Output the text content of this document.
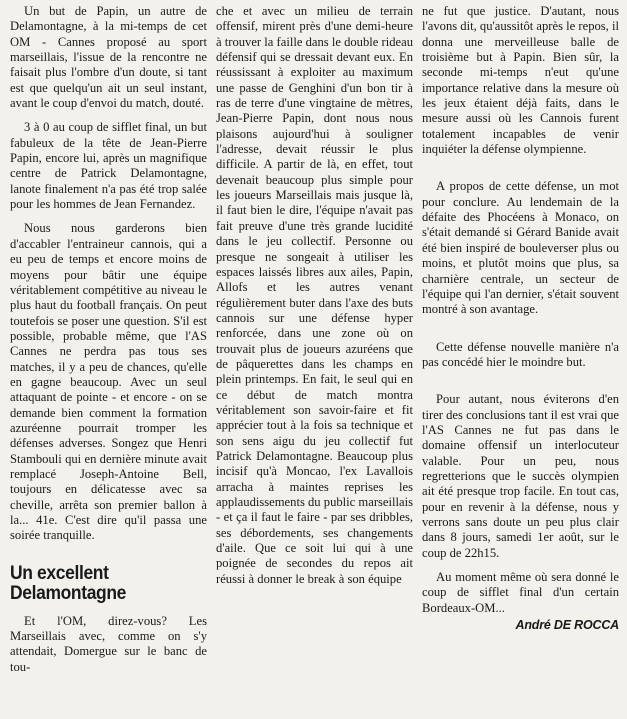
Un but de Papin, un autre de Delamontagne, à la mi-temps de cet OM - Cannes proposé au sport marseillais, l'issue de la rencontre ne faisait plus l'ombre d'un doute, si tant est que quelqu'un ait un seul instant, avant le coup d'envoi du match, douté.

3 à 0 au coup de sifflet final, un but fabuleux de la tête de Jean-Pierre Papin, encore lui, après un magnifique centre de Patrick Delamontagne, lanote finalement n'a pas été trop salée pour les hommes de Jean Fernandez.

Nous nous garderons bien d'accabler l'entraineur cannois, qui a eu peu de temps et encore moins de moyens pour bâtir une équipe véritablement compétitive au niveau le plus haut du football français. On peut toutefois se poser une question. S'il est possible, probable même, que l'AS Cannes ne perdra pas tous ses matches, il y a peu de chances, qu'elle en gagne beaucoup. Avec un seul attaquant de pointe - et encore - on se demande bien comment la formation azuréenne pourrait tromper les défenses adverses. Songez que Henri Stambouli qui en dernière minute avait remplacé Joseph-Antoine Bell, toujours en délicatesse avec sa cheville, arrêta son premier ballon à la... 41e. C'est dire qu'il passa une soirée tranquille.

Un excellent Delamontagne

Et l'OM, direz-vous? Les Marseillais avec, comme on s'y attendait, Domergue sur le banc de tou-

che et avec un milieu de terrain offensif, mirent près d'une demi-heure à trouver la faille dans le double rideau défensif qui se dressait devant eux. En réussissant à exploiter au maximum une passe de Genghini d'un bon tir à ras de terre d'une vingtaine de mètres, Jean-Pierre Papin, dont nous nous plaisons aujourd'hui à souligner l'adresse, devait réussir le plus difficile. A partir de là, en effet, tout devenait beaucoup plus simple pour les joueurs Marseillais mais jusque là, il faut bien le dire, l'équipe n'avait pas fait preuve d'une très grande lucidité dans le jeu collectif. Personne ou presque ne songeait à utiliser les espaces laissés libres aux ailes, Papin, Allofs et les autres venant régulièrement buter dans l'axe des buts cannois sur une défense hyper renforcée, dans une zone où on trouvait plus de joueurs azuréens que de pâquerettes dans les champs en plein printemps. En fait, le seul qui en ce début de match montra véritablement son savoir-faire et fit apprécier tout à la fois sa technique et son sens aigu du jeu collectif fut Patrick Delamontagne. Beaucoup plus incisif qu'à Moncao, l'ex Lavallois arracha à maintes reprises les applaudissements du public marseillais - et ça il faut le faire - par ses dribbles, ses débordements, ses changements d'aile. Que ce soit lui qui à une poignée de secondes du repos ait réussi à donner le break à son équipe

ne fut que justice. D'autant, nous l'avons dit, qu'aussitôt après le repos, il donna une merveilleuse balle de troisième but à Papin. Bien sûr, la seconde mi-temps n'eut qu'une importance relative dans la mesure où les jeux étaient déjà faits, dans le mesure aussi où les Cannois furent totalement incapables de venir inquiéter la défense olympienne.

A propos de cette défense, un mot pour conclure. Au lendemain de la défaite des Phocéens à Monaco, on s'était demandé si Gérard Banide avait été bien inspiré de bouleverser plus ou moins, et plutôt moins que plus, sa charnière centrale, un secteur de l'équipe qui l'an dernier, s'était souvent montré à son avantage.

Cette défense nouvelle manière n'a pas concédé hier le moindre but.

Pour autant, nous éviterons d'en tirer des conclusions tant il est vrai que l'AS Cannes ne fut pas dans le domaine offensif un interlocuteur valable. Pour un peu, nous regretterions que le succès olympien ait été presque trop facile. En tout cas, pour en revenir à la défense, nous y verrons sans doute un peu plus clair dans 8 jours, samedi 1er août, sur le coup de 22h15.

Au moment même où sera donné le coup de sifflet final d'un certain Bordeaux-OM...

André DE ROCCA
